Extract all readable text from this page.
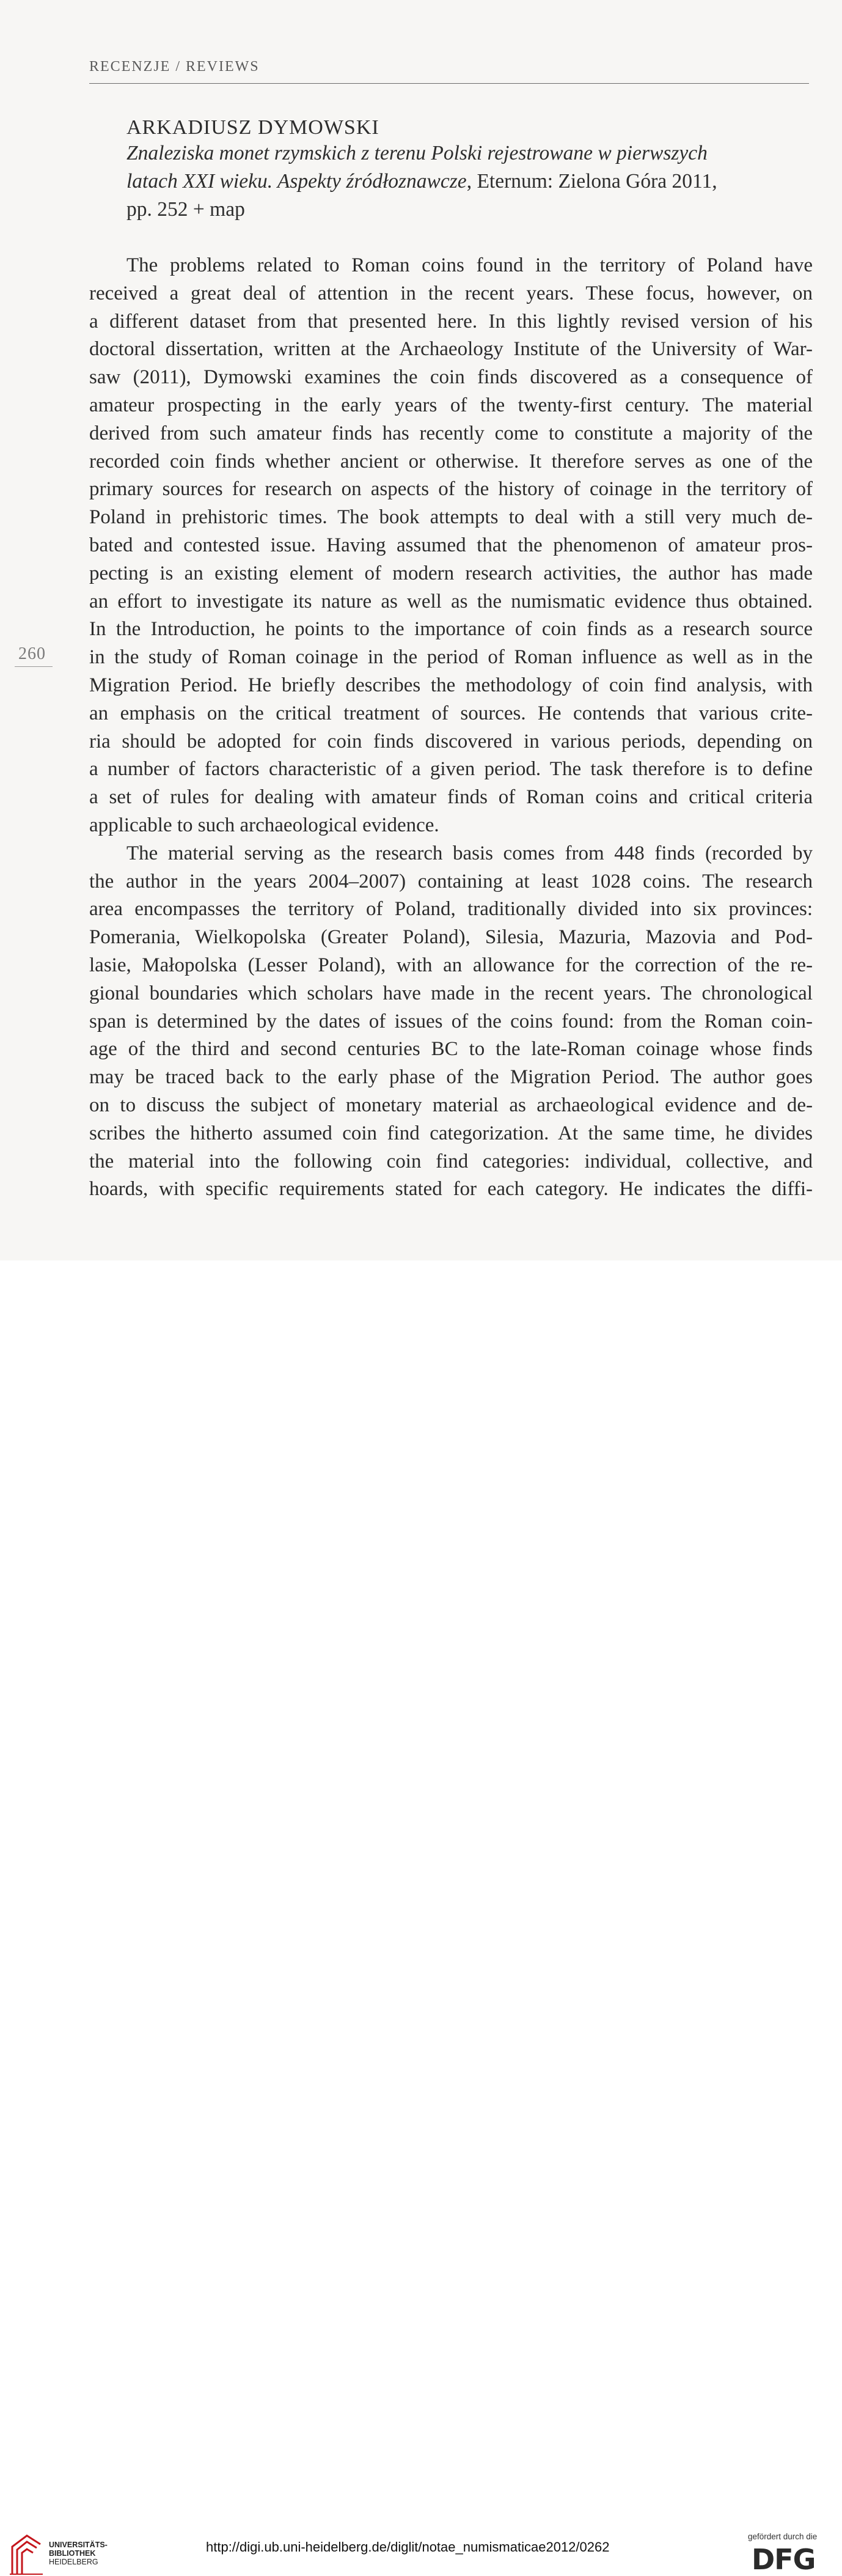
RECENZJE / REVIEWS
ARKADIUSZ DYMOWSKI
Znaleziska monet rzymskich z terenu Polski rejestrowane w pierwszych
latach XXI wieku. Aspekty źródłoznawcze, Eternum: Zielona Góra 2011,
pp. 252 + map
The problems related to Roman coins found in the territory of Poland have
received a great deal of attention in the recent years. These focus, however, on
a different dataset from that presented here. In this lightly revised version of his
doctoral dissertation, written at the Archaeology Institute of the University of War-
saw (2011), Dymowski examines the coin finds discovered as a consequence of
amateur prospecting in the early years of the twenty-first century. The material
derived from such amateur finds has recently come to constitute a majority of the
recorded coin finds whether ancient or otherwise. It therefore serves as one of the
primary sources for research on aspects of the history of coinage in the territory of
Poland in prehistoric times. The book attempts to deal with a still very much de-
bated and contested issue. Having assumed that the phenomenon of amateur pros-
pecting is an existing element of modern research activities, the author has made
an effort to investigate its nature as well as the numismatic evidence thus obtained.
In the Introduction, he points to the importance of coin finds as a research source
in the study of Roman coinage in the period of Roman influence as well as in the
Migration Period. He briefly describes the methodology of coin find analysis, with
an emphasis on the critical treatment of sources. He contends that various crite-
ria should be adopted for coin finds discovered in various periods, depending on
a number of factors characteristic of a given period. The task therefore is to define
a set of rules for dealing with amateur finds of Roman coins and critical criteria
applicable to such archaeological evidence.
The material serving as the research basis comes from 448 finds (recorded by
the author in the years 2004–2007) containing at least 1028 coins. The research
area encompasses the territory of Poland, traditionally divided into six provinces:
Pomerania, Wielkopolska (Greater Poland), Silesia, Mazuria, Mazovia and Pod-
lasie, Małopolska (Lesser Poland), with an allowance for the correction of the re-
gional boundaries which scholars have made in the recent years. The chronological
span is determined by the dates of issues of the coins found: from the Roman coin-
age of the third and second centuries BC to the late-Roman coinage whose finds
may be traced back to the early phase of the Migration Period. The author goes
on to discuss the subject of monetary material as archaeological evidence and de-
scribes the hitherto assumed coin find categorization. At the same time, he divides
the material into the following coin find categories: individual, collective, and
hoards, with specific requirements stated for each category. He indicates the diffi-
260
UNIVERSITÄTS-
BIBLIOTHEK
HEIDELBERG
http://digi.ub.uni-heidelberg.de/diglit/notae_numismaticae2012/0262
gefördert durch die
DFG
